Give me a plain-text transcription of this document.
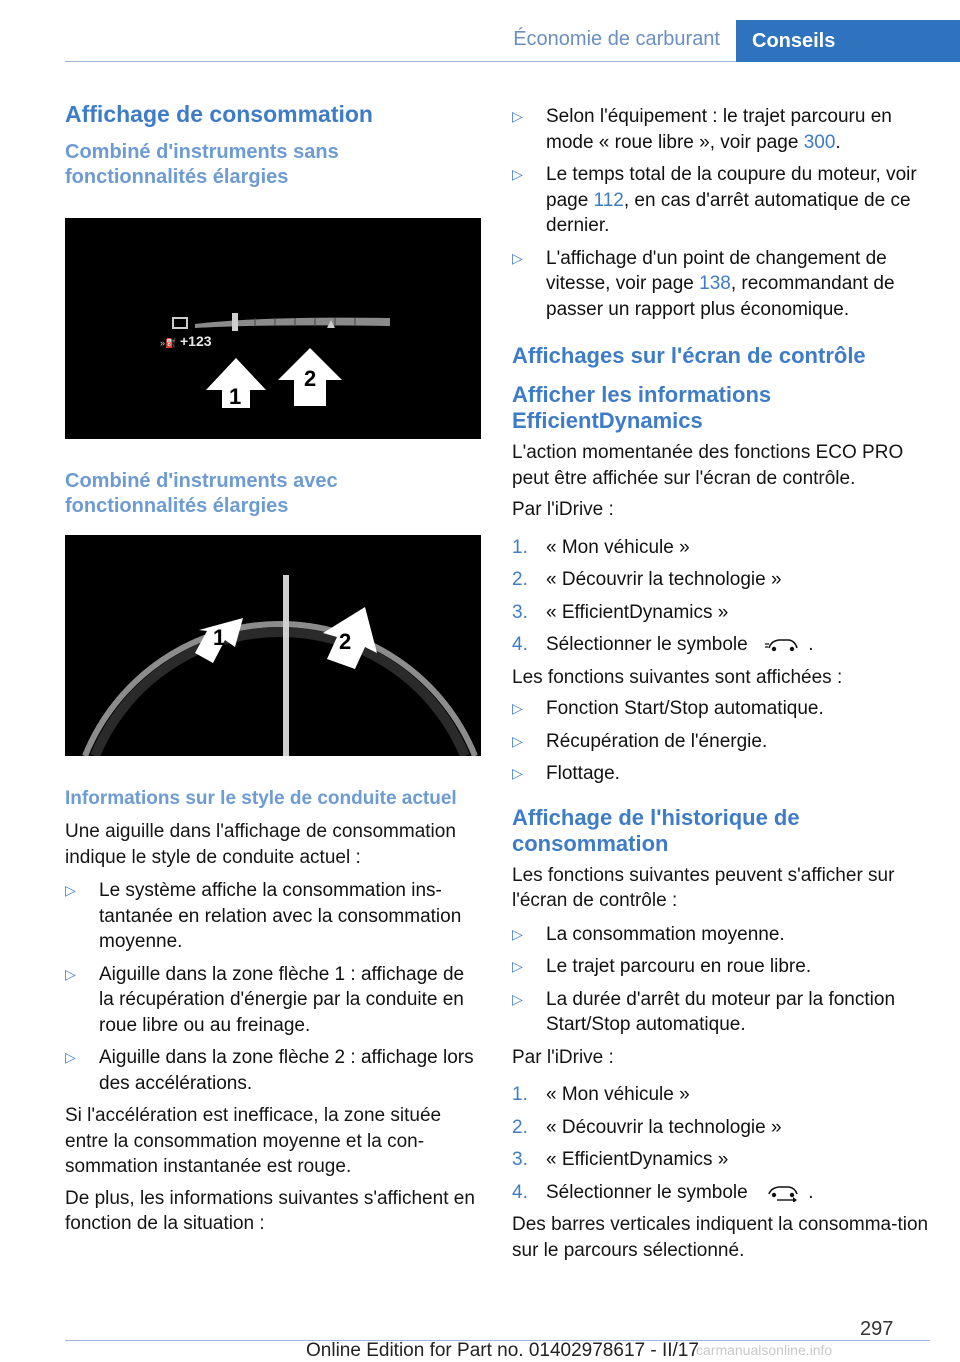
Économie de carburant	Conseils
Affichage de consommation
Combiné d'instruments sans fonctionnalités élargies
»⛽ +123
1
2
Combiné d'instruments avec fonctionnalités élargies
1	2
Informations sur le style de conduite actuel

Une aiguille dans l'affichage de consommation indique le style de conduite actuel :

▷ Le système affiche la consommation ins-tantanée en relation avec la consommation moyenne.
▷ Aiguille dans la zone flèche 1 : affichage de la récupération d'énergie par la conduite en roue libre ou au freinage.
▷ Aiguille dans la zone flèche 2 : affichage lors des accélérations.

Si l'accélération est inefficace, la zone située entre la consommation moyenne et la con-sommation instantanée est rouge.

De plus, les informations suivantes s'affichent en fonction de la situation :

▷ Selon l'équipement : le trajet parcouru en mode « roue libre », voir page 300.
▷ Le temps total de la coupure du moteur, voir page 112, en cas d'arrêt automatique de ce dernier.
▷ L'affichage d'un point de changement de vitesse, voir page 138, recommandant de passer un rapport plus économique.
Affichages sur l'écran de contrôle
Afficher les informations EfficientDynamics

L'action momentanée des fonctions ECO PRO peut être affichée sur l'écran de contrôle.

Par l'iDrive :

1. « Mon véhicule »
2. « Découvrir la technologie »
3. « EfficientDynamics »
4. Sélectionner le symbole	.

Les fonctions suivantes sont affichées :

▷ Fonction Start/Stop automatique.
▷ Récupération de l'énergie.
▷ Flottage.
Affichage de l'historique de consommation

Les fonctions suivantes peuvent s'afficher sur l'écran de contrôle :

▷ La consommation moyenne.
▷ Le trajet parcouru en roue libre.
▷ La durée d'arrêt du moteur par la fonction Start/Stop automatique.

Par l'iDrive :

1. « Mon véhicule »
2. « Découvrir la technologie »
3. « EfficientDynamics »
4. Sélectionner le symbole	.

Des barres verticales indiquent la consomma-tion sur le parcours sélectionné.

297
Online Edition for Part no. 01402978617 - II/17
carmanualsonline.info
